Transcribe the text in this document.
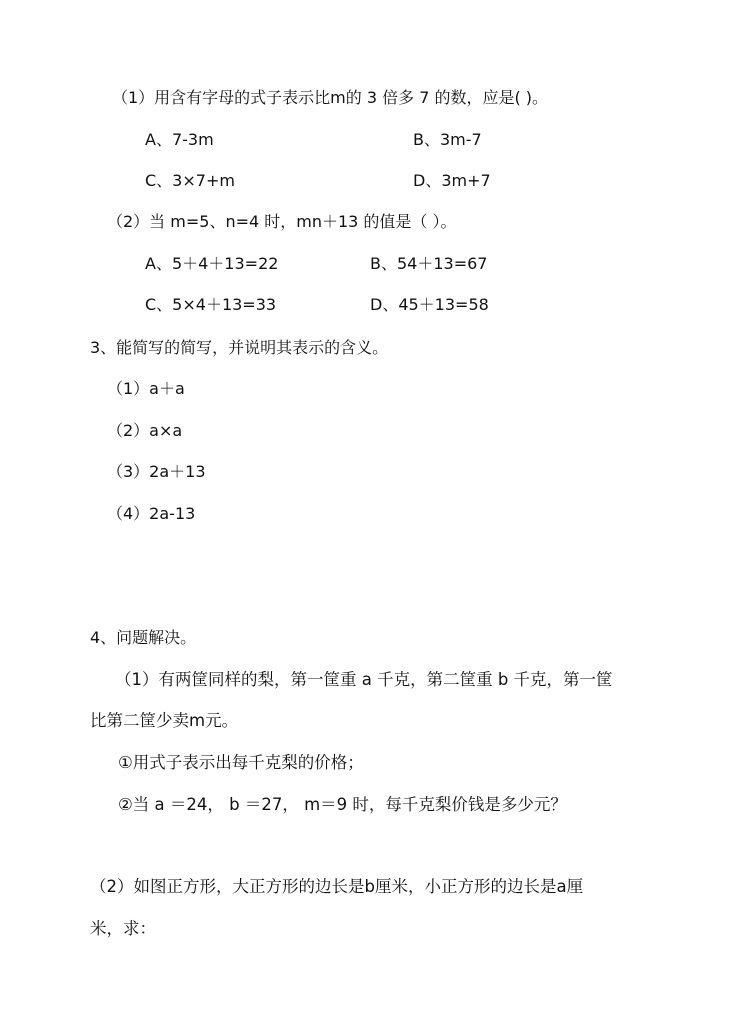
（1）用含有字母的式子表示比m的 3 倍多 7 的数，应是( )。
A、7-3m	B、3m-7
C、3×7+m	D、3m+7
（2）当 m=5、n=4 时，mn＋13 的值是（ ）。
A、5＋4＋13=22	B、54＋13=67
C、5×4＋13=33	D、45＋13=58
3、能简写的简写，并说明其表示的含义。
（1）a＋a
（2）a×a
（3）2a＋13
（4）2a-13
4、问题解决。
（1）有两筐同样的梨，第一筐重 a 千克，第二筐重 b 千克，第一筐
比第二筐少卖m元。
①用式子表示出每千克梨的价格；
②当 a ＝24， b ＝27， m＝9 时，每千克梨价钱是多少元？
（2）如图正方形，大正方形的边长是b厘米，小正方形的边长是a厘
米，求：
